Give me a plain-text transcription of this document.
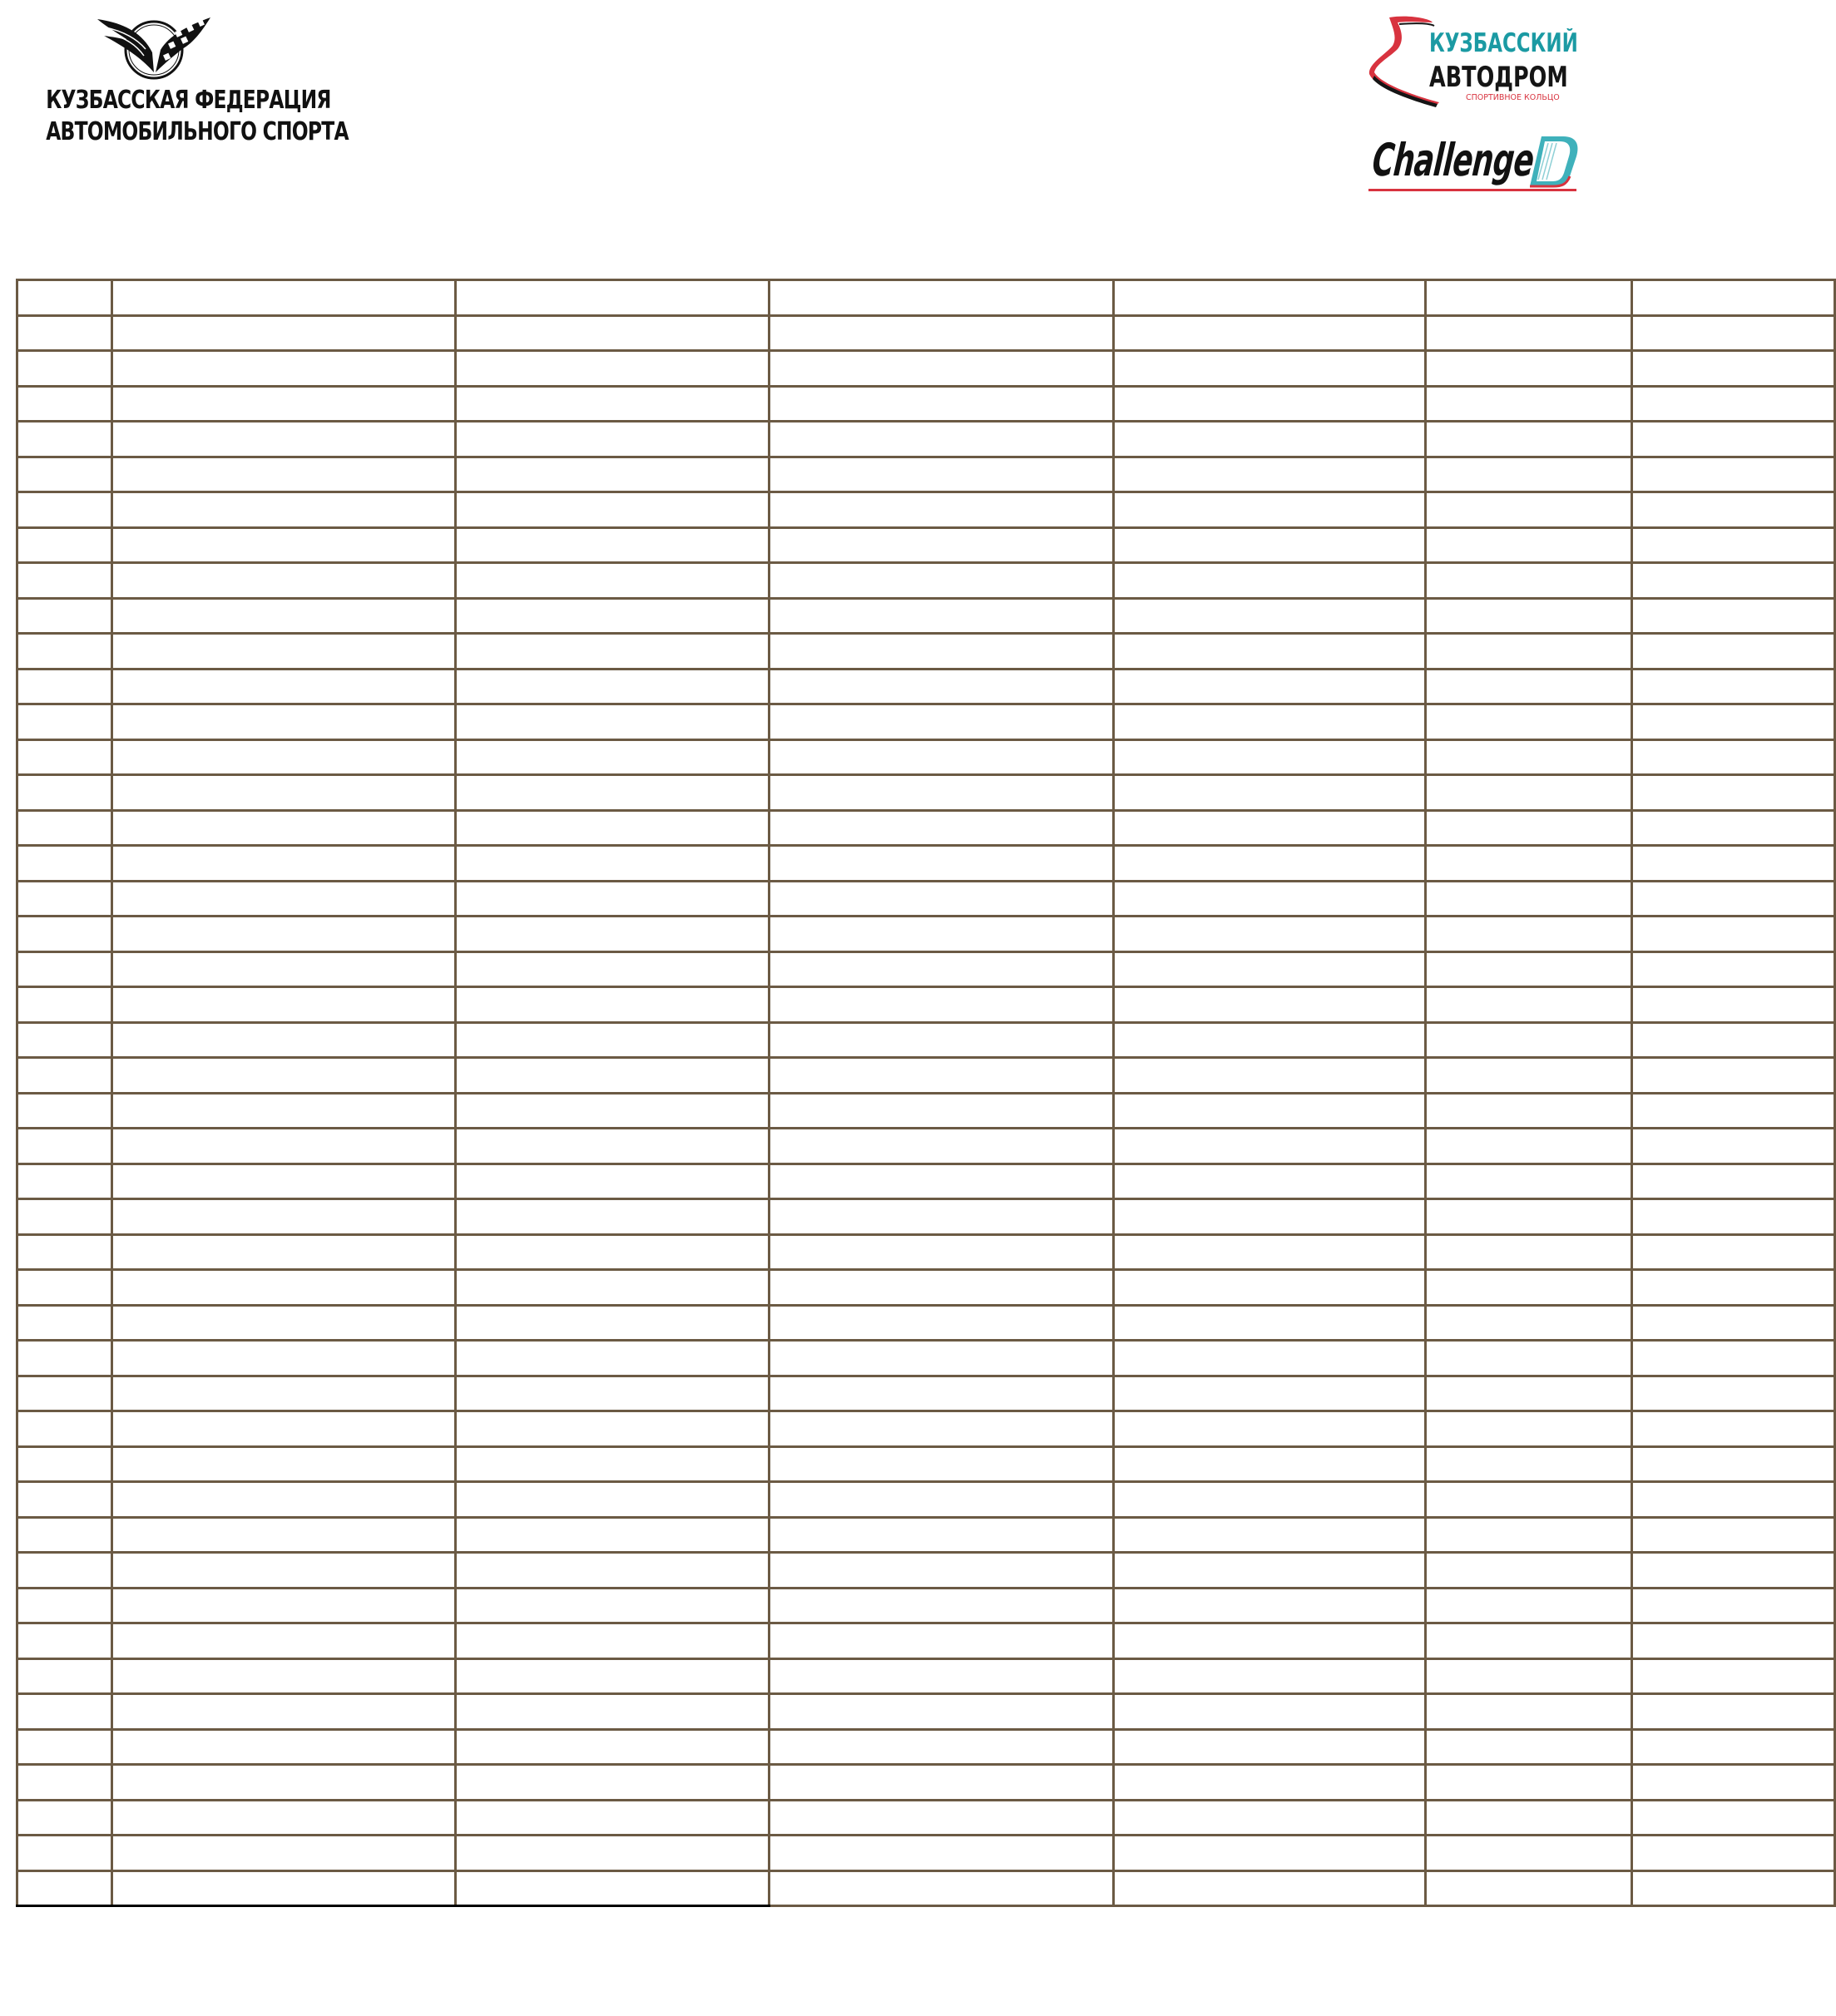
КУЗБАССКАЯ ФЕДЕРАЦИЯ
АВТОМОБИЛЬНОГО СПОРТА
КУЗБАССКИЙ
АВТОДРОМ
СПОРТИВНОЕ КОЛЬЦО
Challenge
